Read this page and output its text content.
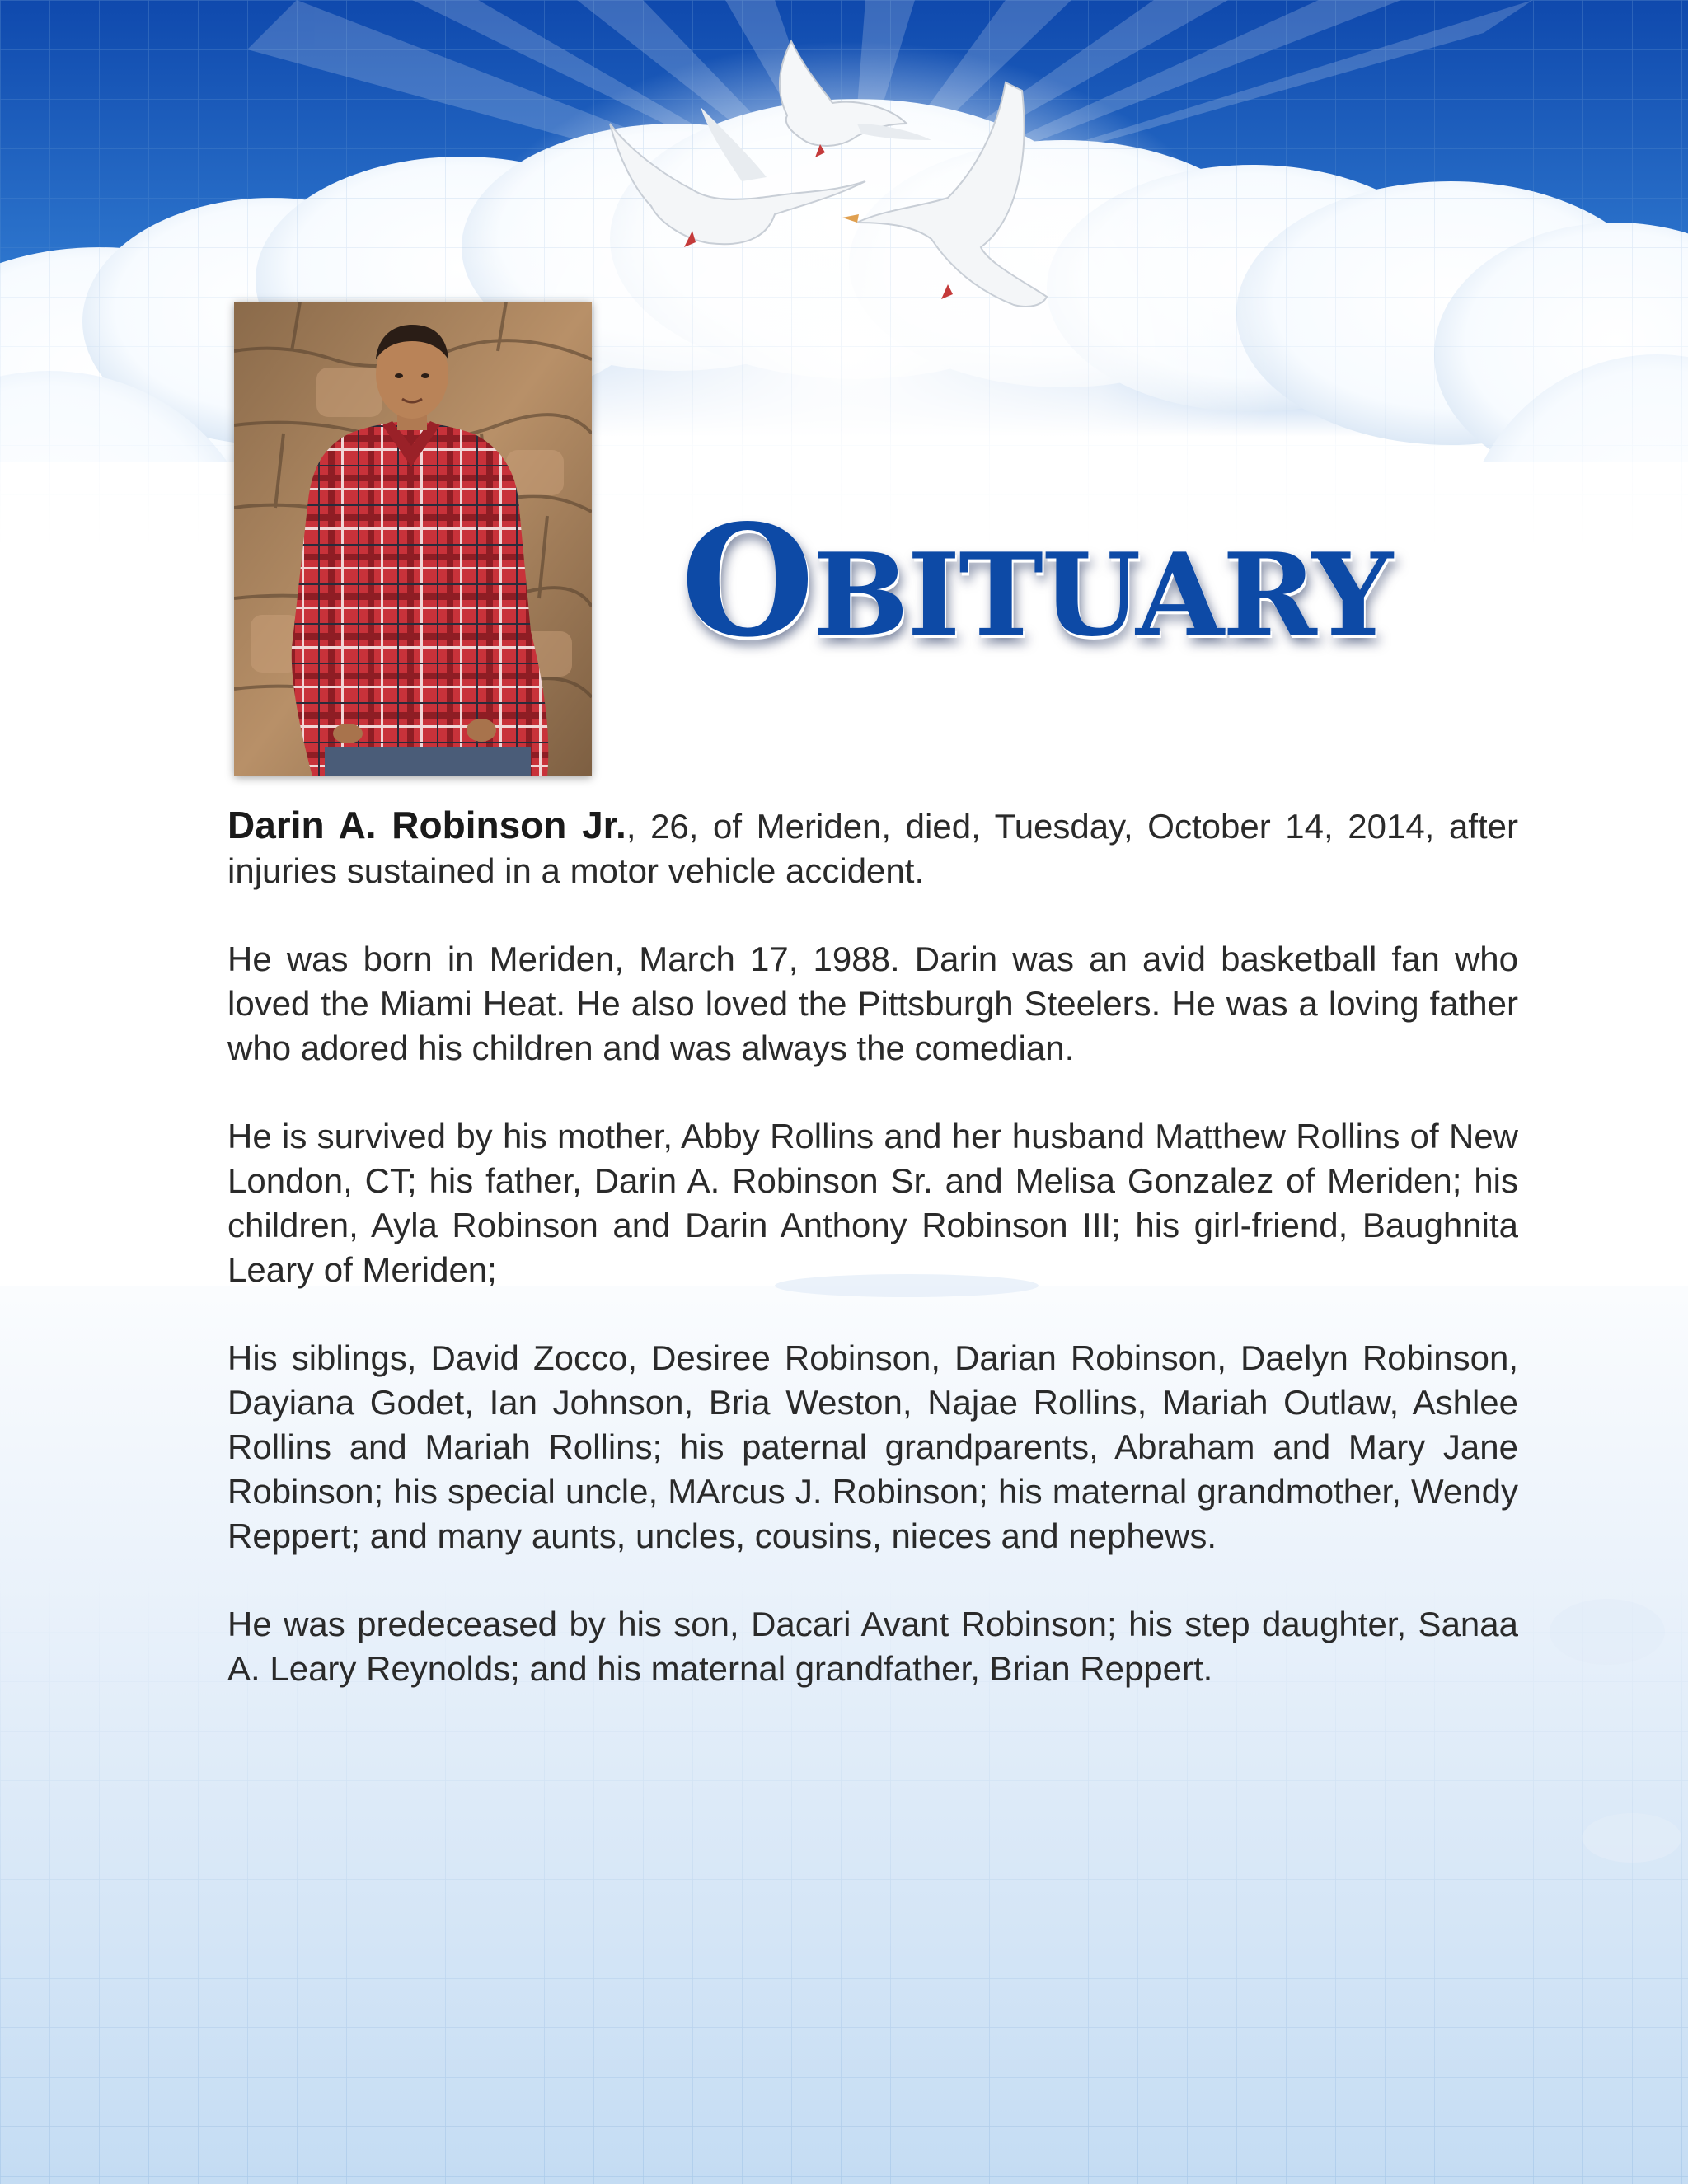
OBITUARY

Darin A. Robinson Jr., 26, of Meriden, died, Tuesday, October 14, 2014, after injuries sustained in a motor vehicle accident.

He was born in Meriden, March 17, 1988. Darin was an avid basketball fan who loved the Miami Heat. He also loved the Pittsburgh Steelers. He was a loving father who adored his children and was always the comedian.

He is survived by his mother, Abby Rollins and her husband Matthew Rollins of New London, CT; his father, Darin A. Robinson Sr. and Melisa Gonzalez of Meriden; his children, Ayla Robinson and Darin Anthony Robinson III; his girl-friend, Baughnita Leary of Meriden;

His siblings, David Zocco, Desiree Robinson, Darian Robinson, Daelyn Robinson, Dayiana Godet, Ian Johnson, Bria Weston, Najae Rollins, Mariah Outlaw, Ashlee Rollins and Mariah Rollins; his paternal grandparents, Abraham and Mary Jane Robinson; his special uncle, MArcus J. Robinson; his maternal grandmother, Wendy Reppert; and many aunts, uncles, cousins, nieces and nephews.

He was predeceased by his son, Dacari Avant Robinson; his step daughter, Sanaa A. Leary Reynolds; and his maternal grandfather, Brian Reppert.
